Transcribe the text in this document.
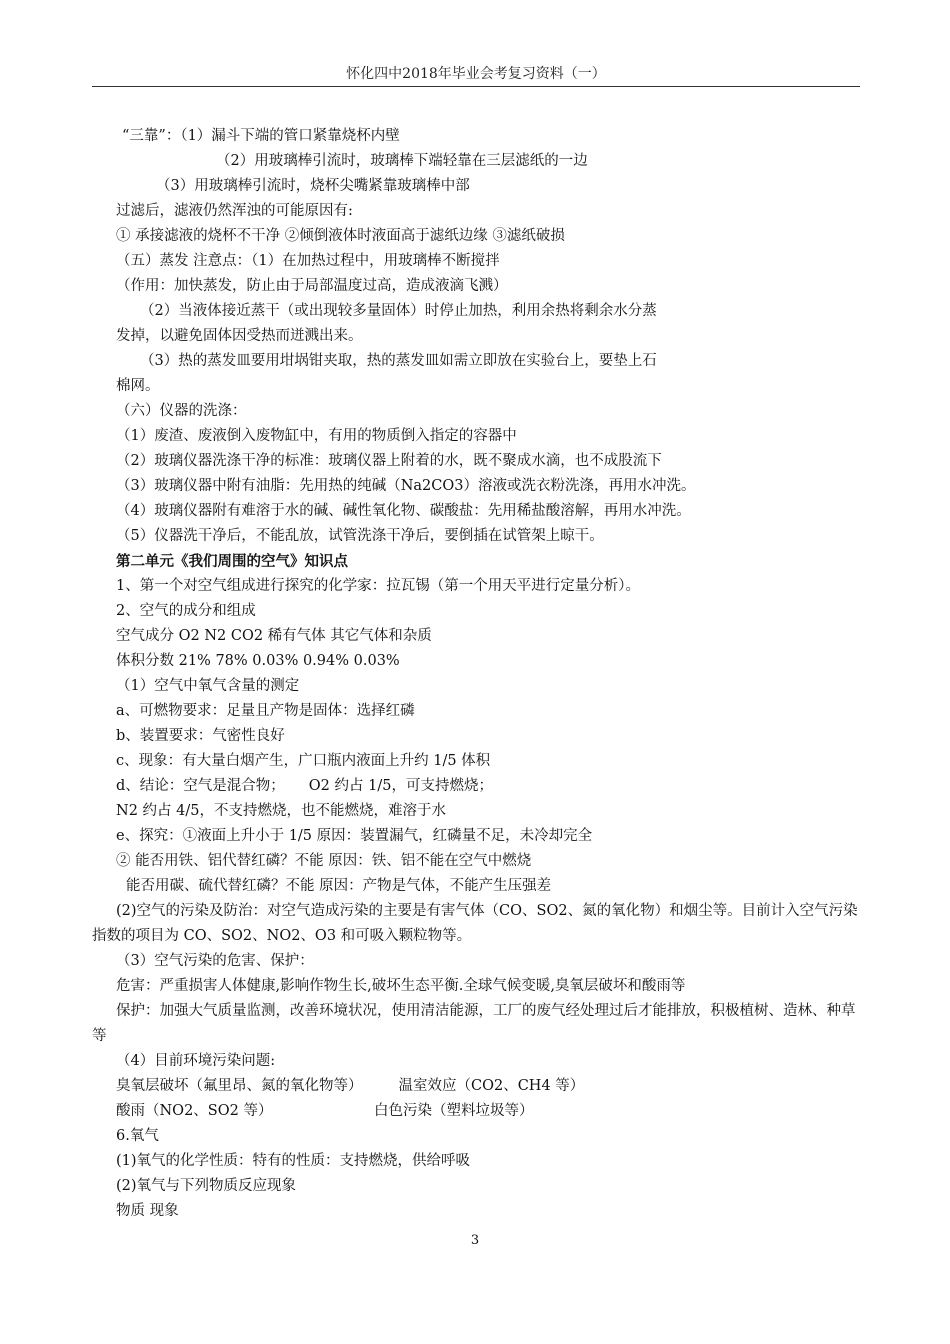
怀化四中2018年毕业会考复习资料（一）
“三靠”：（1）漏斗下端的管口紧靠烧杯内壁
（2）用玻璃棒引流时，玻璃棒下端轻靠在三层滤纸的一边
（3）用玻璃棒引流时，烧杯尖嘴紧靠玻璃棒中部
过滤后，滤液仍然浑浊的可能原因有:
① 承接滤液的烧杯不干净 ②倾倒液体时液面高于滤纸边缘 ③滤纸破损
（五）蒸发 注意点：（1）在加热过程中，用玻璃棒不断搅拌
（作用：加快蒸发，防止由于局部温度过高，造成液滴飞溅）
（2）当液体接近蒸干（或出现较多量固体）时停止加热，利用余热将剩余水分蒸
发掉，以避免固体因受热而迸溅出来。
（3）热的蒸发皿要用坩埚钳夹取，热的蒸发皿如需立即放在实验台上，要垫上石
棉网。
（六）仪器的洗涤：
（1）废渣、废液倒入废物缸中，有用的物质倒入指定的容器中
（2）玻璃仪器洗涤干净的标准：玻璃仪器上附着的水，既不聚成水滴，也不成股流下
（3）玻璃仪器中附有油脂：先用热的纯碱（Na2CO3）溶液或洗衣粉洗涤，再用水冲洗。
（4）玻璃仪器附有难溶于水的碱、碱性氧化物、碳酸盐：先用稀盐酸溶解，再用水冲洗。
（5）仪器洗干净后，不能乱放，试管洗涤干净后，要倒插在试管架上晾干。
第二单元《我们周围的空气》知识点
1、第一个对空气组成进行探究的化学家：拉瓦锡（第一个用天平进行定量分析）。
2、空气的成分和组成
空气成分 O2 N2 CO2 稀有气体 其它气体和杂质
体积分数 21% 78% 0.03% 0.94% 0.03%
（1）空气中氧气含量的测定
a、可燃物要求：足量且产物是固体：选择红磷
b、装置要求：气密性良好
c、现象：有大量白烟产生，广口瓶内液面上升约 1/5 体积
d、结论：空气是混合物； O2 约占 1/5，可支持燃烧；
N2 约占 4/5，不支持燃烧，也不能燃烧，难溶于水
e、探究：①液面上升小于 1/5 原因：装置漏气，红磷量不足，未冷却完全
② 能否用铁、铝代替红磷？不能 原因：铁、铝不能在空气中燃烧
能否用碳、硫代替红磷？不能 原因：产物是气体，不能产生压强差
(2)空气的污染及防治：对空气造成污染的主要是有害气体（CO、SO2、氮的氧化物）和烟尘等。目前计入空气污染指数的项目为 CO、SO2、NO2、O3 和可吸入颗粒物等。
（3）空气污染的危害、保护：
危害：严重损害人体健康,影响作物生长,破坏生态平衡.全球气候变暖,臭氧层破坏和酸雨等
保护：加强大气质量监测，改善环境状况，使用清洁能源，工厂的废气经处理过后才能排放，积极植树、造林、种草等
（4）目前环境污染问题:
臭氧层破坏（氟里昂、氮的氧化物等） 温室效应（CO2、CH4 等）
酸雨（NO2、SO2 等）	白色污染（塑料垃圾等）
6.氧气
(1)氧气的化学性质：特有的性质：支持燃烧，供给呼吸
(2)氧气与下列物质反应现象
物质 现象
3
